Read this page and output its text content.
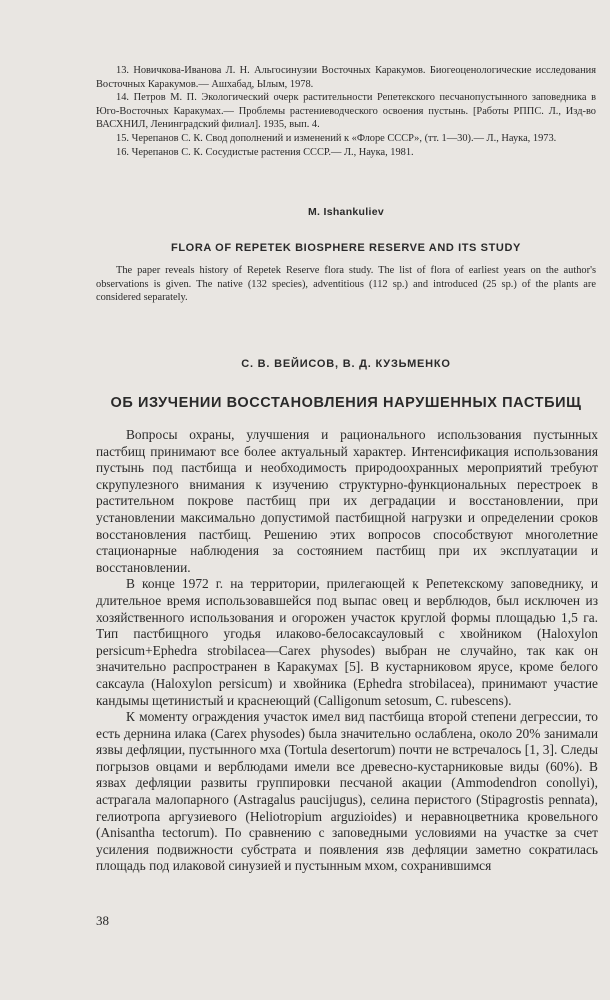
13. Новичкова-Иванова Л. Н. Альгосинузии Восточных Каракумов. Биогеоценологические исследования Восточных Каракумов.— Ашхабад, Ылым, 1978.

14. Петров М. П. Экологический очерк растительности Репетекского песчанопустынного заповедника в Юго-Восточных Каракумах.— Проблемы растениеводческого освоения пустынь. [Работы РППС. Л., Изд-во ВАСХНИЛ, Ленинградский филиал]. 1935, вып. 4.

15. Черепанов С. К. Свод дополнений и изменений к «Флоре СССР», (тт. 1—30).— Л., Наука, 1973.

16. Черепанов С. К. Сосудистые растения СССР.— Л., Наука, 1981.

M. Ishankuliev
FLORA OF REPETEK BIOSPHERE RESERVE AND ITS STUDY

The paper reveals history of Repetek Reserve flora study. The list of flora of earliest years on the author's observations is given. The native (132 species), adventitious (112 sp.) and introduced (25 sp.) of the plants are considered separately.

С. В. ВЕЙИСОВ, В. Д. КУЗЬМЕНКО
ОБ ИЗУЧЕНИИ ВОССТАНОВЛЕНИЯ НАРУШЕННЫХ ПАСТБИЩ

Вопросы охраны, улучшения и рационального использования пустынных пастбищ принимают все более актуальный характер. Интенсификация использования пустынь под пастбища и необходимость природоохранных мероприятий требуют скрупулезного внимания к изучению структурно-функциональных перестроек в растительном покрове пастбищ при их деградации и восстановлении, при установлении максимально допустимой пастбищной нагрузки и определении сроков восстановления пастбищ. Решению этих вопросов способствуют многолетние стационарные наблюдения за состоянием пастбищ при их эксплуатации и восстановлении.

В конце 1972 г. на территории, прилегающей к Репетекскому заповеднику, и длительное время использовавшейся под выпас овец и верблюдов, был исключен из хозяйственного использования и огорожен участок круглой формы площадью 1,5 га. Тип пастбищного угодья илаково-белосаксауловый с хвойником (Haloxylon persicum+Ephedra strobilacea—Carex physodes) выбран не случайно, так как он значительно распространен в Каракумах [5]. В кустарниковом ярусе, кроме белого саксаула (Haloxylon persicum) и хвойника (Ephedra strobilacea), принимают участие кандымы щетинистый и краснеющий (Calligonum setosum, C. rubescens).

К моменту ограждения участок имел вид пастбища второй степени дегрессии, то есть дернина илака (Carex physodes) была значительно ослаблена, около 20% занимали язвы дефляции, пустынного мха (Tortula desertorum) почти не встречалось [1, 3]. Следы погрызов овцами и верблюдами имели все древесно-кустарниковые виды (60%). В язвах дефляции развиты группировки песчаной акации (Ammodendron conollyi), астрагала малопарного (Astragalus paucijugus), селина перистого (Stipagrostis pennata), гелиотропа аргузиевого (Heliotropium arguzioides) и неравноцветника кровельного (Anisantha tectorum). По сравнению с заповедными условиями на участке за счет усиления подвижности субстрата и появления язв дефляции заметно сократилась площадь под илаковой синузией и пустынным мхом, сохранившимся

38
